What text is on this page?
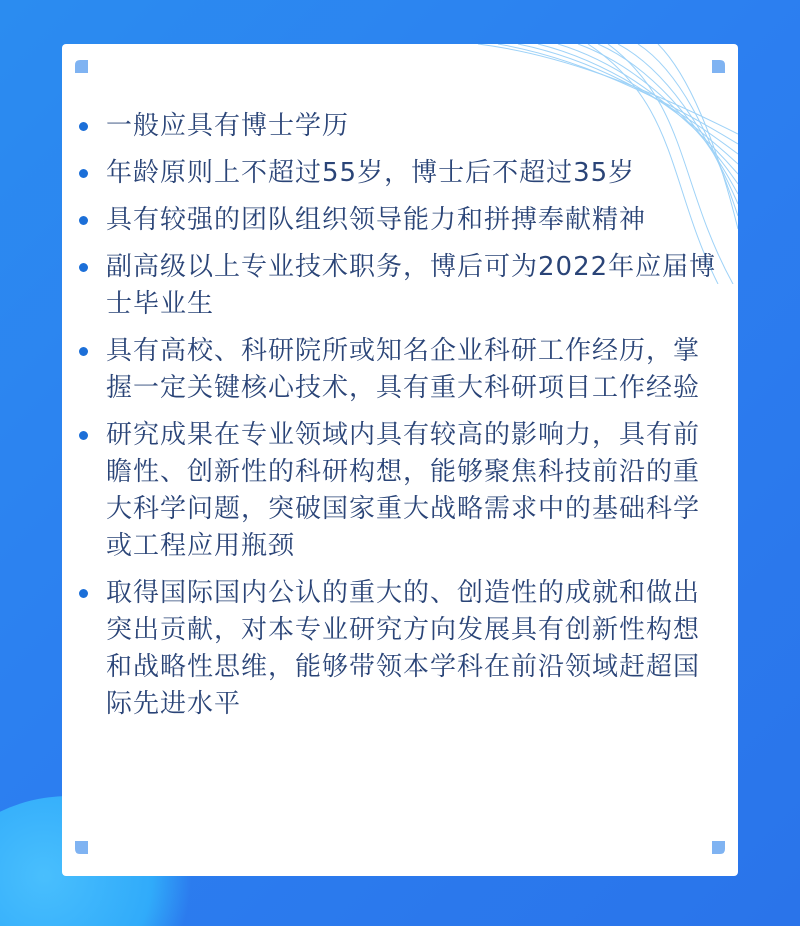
一般应具有博士学历
年龄原则上不超过55岁，博士后不超过35岁
具有较强的团队组织领导能力和拼搏奉献精神
副高级以上专业技术职务，博后可为2022年应届博士毕业生
具有高校、科研院所或知名企业科研工作经历，掌握一定关键核心技术，具有重大科研项目工作经验
研究成果在专业领域内具有较高的影响力，具有前瞻性、创新性的科研构想，能够聚焦科技前沿的重大科学问题，突破国家重大战略需求中的基础科学或工程应用瓶颈
取得国际国内公认的重大的、创造性的成就和做出突出贡献，对本专业研究方向发展具有创新性构想和战略性思维，能够带领本学科在前沿领域赶超国际先进水平
